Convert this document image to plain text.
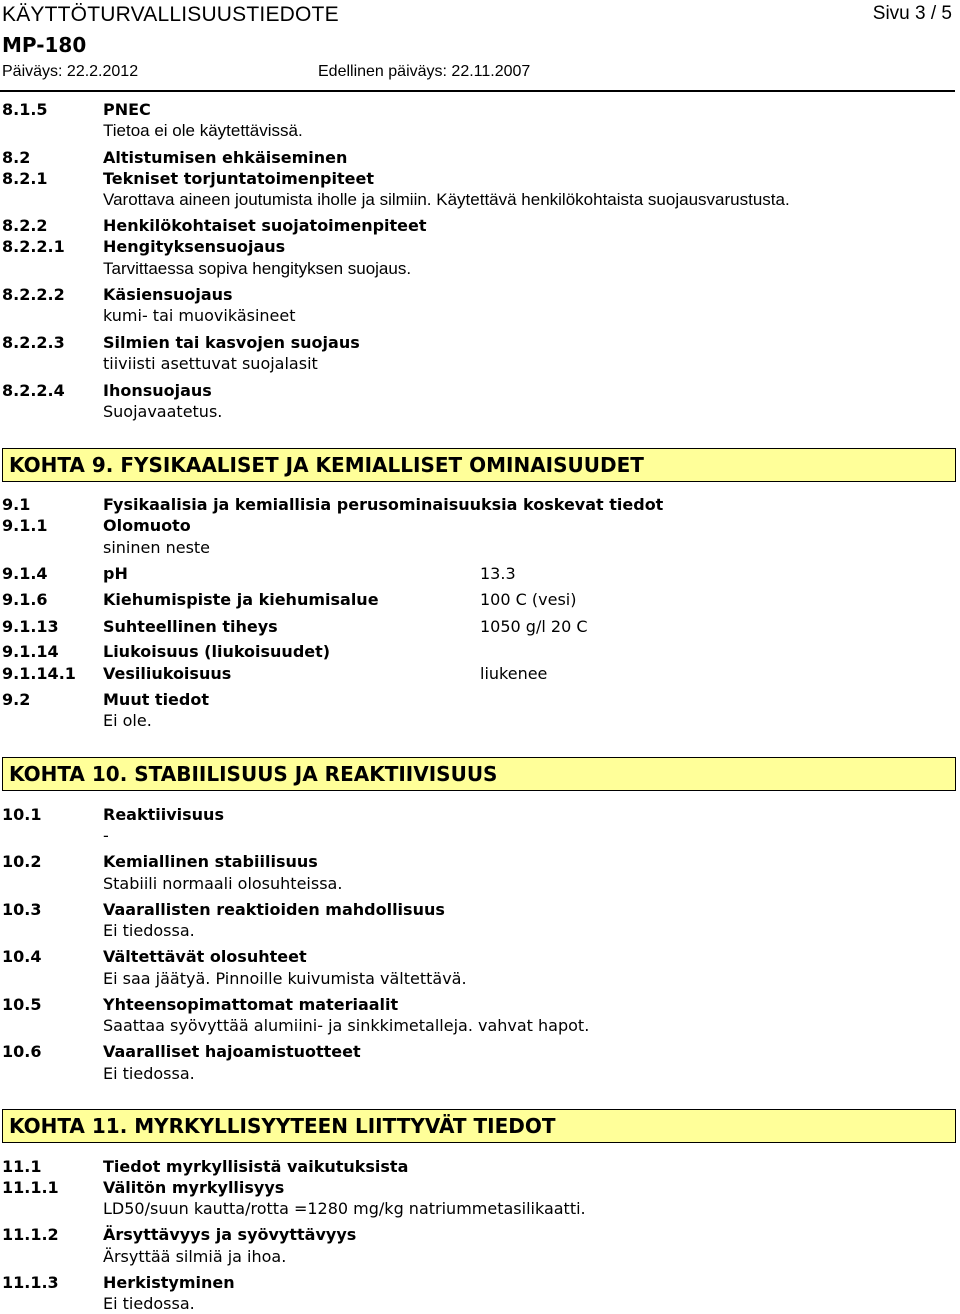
KÄYTTÖTURVALLISUUSTIEDOTE	Sivu 3 / 5
MP-180
Päiväys: 22.2.2012	Edellinen päiväys: 22.11.2007
8.1.5	PNEC
Tietoa ei ole käytettävissä.
8.2	Altistumisen ehkäiseminen
8.2.1	Tekniset torjuntatoimenpiteet
Varottava aineen joutumista iholle ja silmiin. Käytettävä henkilökohtaista suojausvarustusta.
8.2.2	Henkilökohtaiset suojatoimenpiteet
8.2.2.1 Hengityksensuojaus
Tarvittaessa sopiva hengityksen suojaus.
8.2.2.2 Käsiensuojaus
kumi- tai muovikäsineet
8.2.2.3 Silmien tai kasvojen suojaus
tiiviisti asettuvat suojalasit
8.2.2.4 Ihonsuojaus
Suojavaatetus.
KOHTA 9. FYSIKAALISET JA KEMIALLISET OMINAISUUDET
9.1	Fysikaalisia ja kemiallisia perusominaisuuksia koskevat tiedot
9.1.1	Olomuoto
sininen neste
9.1.4	pH	13.3
9.1.6	Kiehumispiste ja kiehumisalue	100 C (vesi)
9.1.13	Suhteellinen tiheys	1050 g/l 20 C
9.1.14	Liukoisuus (liukoisuudet)
9.1.14.1 Vesiliukoisuus	liukenee
9.2	Muut tiedot
Ei ole.
KOHTA 10. STABIILISUUS JA REAKTIIVISUUS
10.1	Reaktiivisuus
-
10.2	Kemiallinen stabiilisuus
Stabiili normaali olosuhteissa.
10.3	Vaarallisten reaktioiden mahdollisuus
Ei tiedossa.
10.4	Vältettävät olosuhteet
Ei saa jäätyä. Pinnoille kuivumista vältettävä.
10.5	Yhteensopimattomat materiaalit
Saattaa syövyttää alumiini- ja sinkkimetalleja. vahvat hapot.
10.6	Vaaralliset hajoamistuotteet
Ei tiedossa.
KOHTA 11. MYRKYLLISYYTEEN LIITTYVÄT TIEDOT
11.1	Tiedot myrkyllisistä vaikutuksista
11.1.1	Välitön myrkyllisyys
LD50/suun kautta/rotta =1280 mg/kg natriummetasilikaatti.
11.1.2	Ärsyttävyys ja syövyttävyys
Ärsyttää silmiä ja ihoa.
11.1.3	Herkistyminen
Ei tiedossa.
